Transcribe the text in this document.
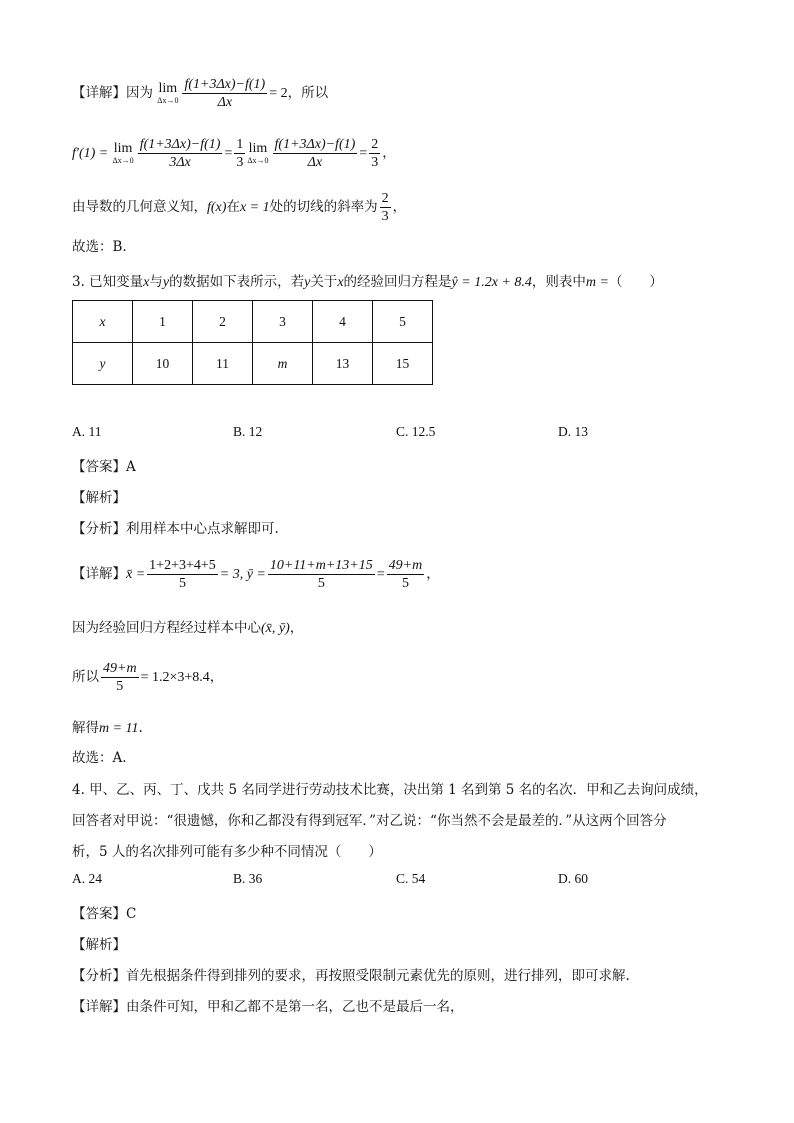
【详解】因为 lim
$\Delta x\to 0 \frac{f(1+3\Delta x)-f(1)}{\Delta x} = 2$，所以
f′(1) = lim
$\Delta x\to 0 \frac{f(1+3\Delta x)-f(1)}{3\Delta x} = \frac{1}{3}$ lim
$\Delta x\to 0 \frac{f(1+3\Delta x)-f(1)}{\Delta x} = \frac{2}{3}$ ，
由导数的几何意义知，f(x)在x = 1处的切线的斜率为 $\frac{2}{3}$ ，
故选：B.
3. 已知变量x与y的数据如下表所示，若y关于x的经验回归方程是ŷ = 1.2x + 8.4，则表中m =（　　）
x	1	2	3	4	5
y	10	11	m	13	15
A. 11	B. 12	C. 12.5	D. 13
【答案】A
【解析】
【分析】利用样本中心点求解即可.
【详解】x̄ = $\frac{1+2+3+4+5}{5} = 3$, ȳ = $\frac{10+11+m+13+15}{5} = \frac{49+m}{5}$ ，
因为经验回归方程经过样本中心(x̄, ȳ)，
所以 $\frac{49+m}{5} = 1.2\times 3+8.4$，
解得m = 11.
故选：A.
4. 甲、乙、丙、丁、戊共 5 名同学进行劳动技术比赛，决出第 1 名到第 5 名的名次．甲和乙去询问成绩，
回答者对甲说：“很遗憾，你和乙都没有得到冠军．”对乙说：“你当然不会是最差的．”从这两个回答分
析，5 人的名次排列可能有多少种不同情况（　　）
A. 24	B. 36	C. 54	D. 60
【答案】C
【解析】
【分析】首先根据条件得到排列的要求，再按照受限制元素优先的原则，进行排列，即可求解.
【详解】由条件可知，甲和乙都不是第一名，乙也不是最后一名，
